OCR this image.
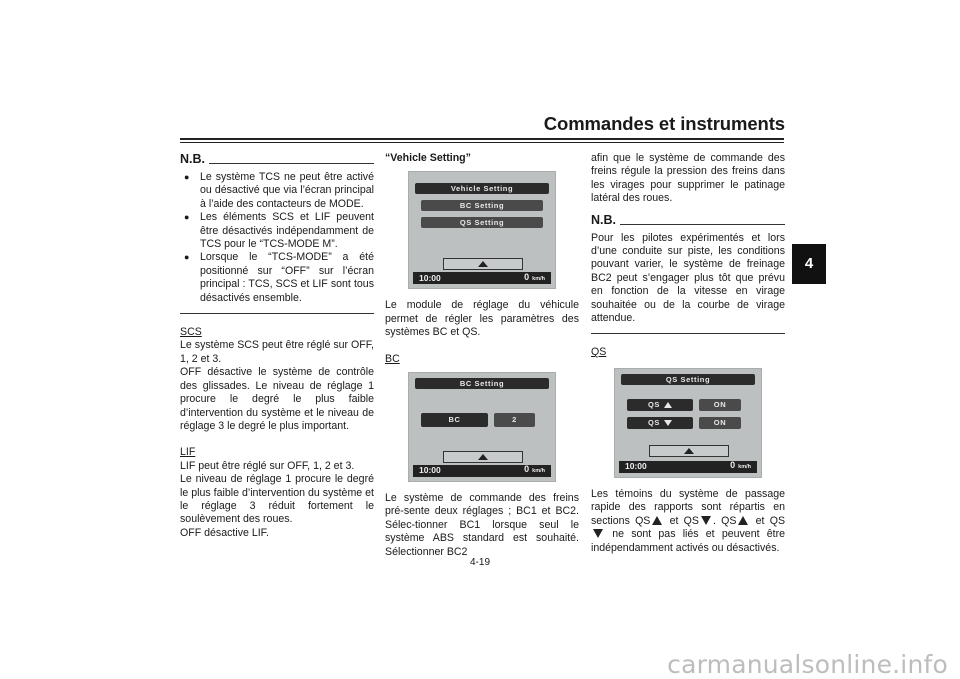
Commandes et instruments
4
N.B.
● Le système TCS ne peut être activé ou désactivé que via l’écran principal à l’aide des contacteurs de MODE.
● Les éléments SCS et LIF peuvent être désactivés indépendamment de TCS pour le “TCS-MODE M”.
● Lorsque le “TCS-MODE” a été positionné sur “OFF” sur l’écran principal : TCS, SCS et LIF sont tous désactivés ensemble.

SCS

Le système SCS peut être réglé sur OFF, 1, 2 et 3.

OFF désactive le système de contrôle des glissades. Le niveau de réglage 1 procure le degré le plus faible d’intervention du système et le niveau de réglage 3 le degré le plus important.

LIF

LIF peut être réglé sur OFF, 1, 2 et 3.

Le niveau de réglage 1 procure le degré le plus faible d’intervention du système et le réglage 3 réduit fortement le soulèvement des roues.

OFF désactive LIF.

“Vehicle Setting”

Vehicle Setting
BC Setting
QS Setting
10:00	0 km/h

Le module de réglage du véhicule permet de régler les paramètres des systèmes BC et QS.

BC

BC Setting
BC	2
10:00	0 km/h

Le système de commande des freins pré-sente deux réglages ; BC1 et BC2. Sélec-tionner BC1 lorsque seul le système ABS standard est souhaité. Sélectionner BC2

afin que le système de commande des freins régule la pression des freins dans les virages pour supprimer le patinage latéral des roues.

N.B.

Pour les pilotes expérimentés et lors d’une conduite sur piste, les conditions pouvant varier, le système de freinage BC2 peut s’engager plus tôt que prévu en fonction de la vitesse en virage souhaitée ou de la courbe de virage attendue.

QS

QS Setting
QS	ON
QS	ON
10:00	0 km/h

Les témoins du système de passage rapide des rapports sont répartis en sections QS et QS . QS et QS ne sont pas liés et peuvent être indépendamment activés ou désactivés.

4-19
carmanualsonline.info
